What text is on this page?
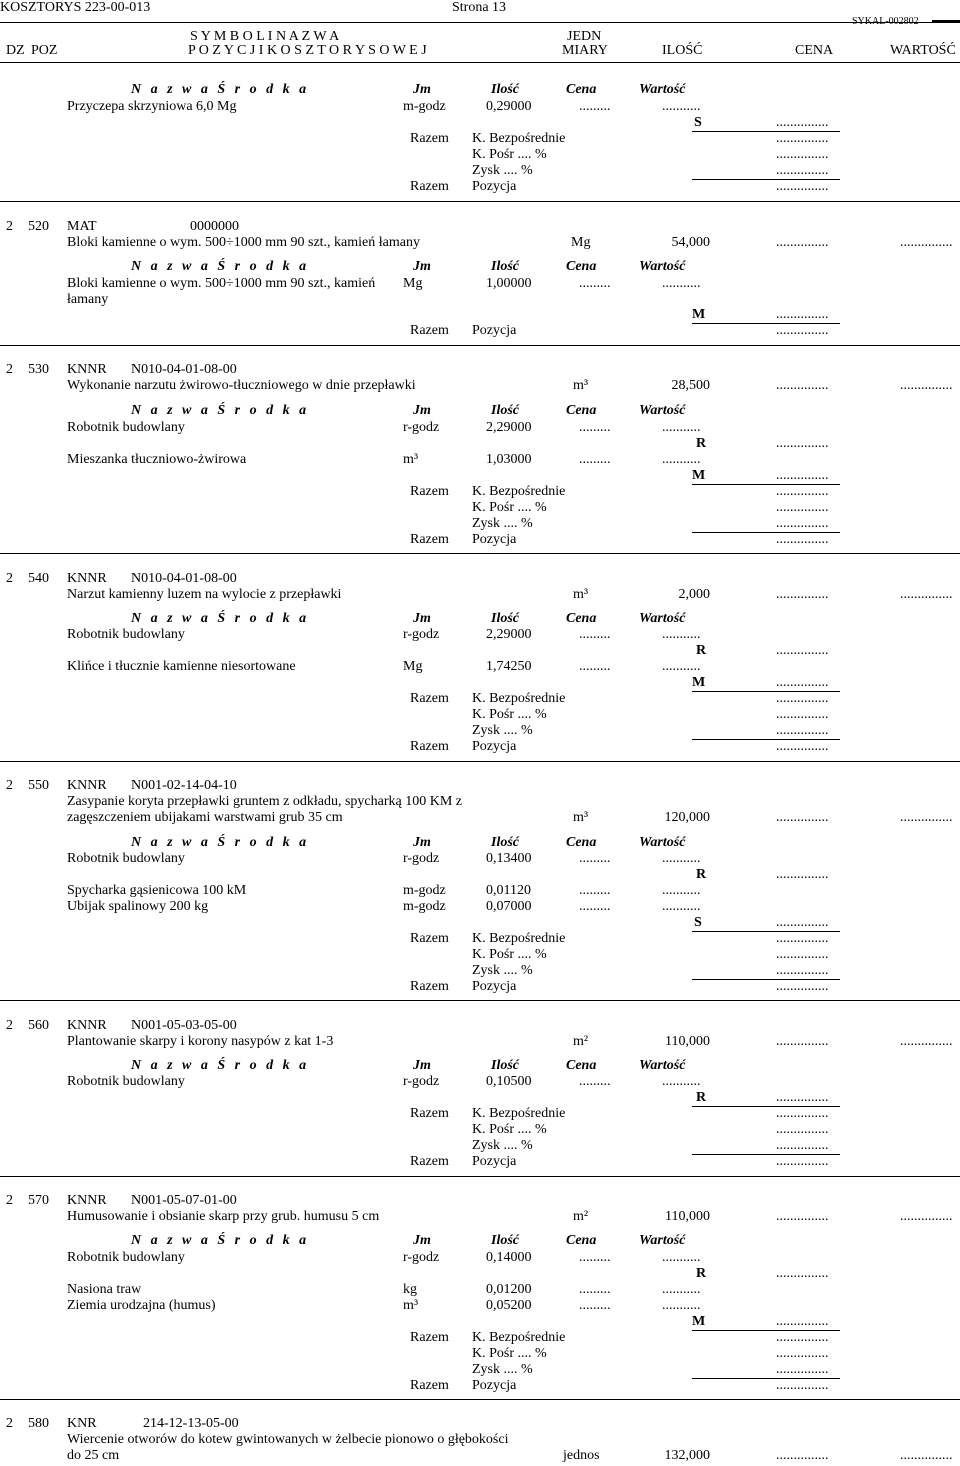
KOSZTORYS 223-00-013	Strona 13
SYKAL-002802
DZ POZ
S Y M B O L I N A Z W A
P O Z Y C J I K O S Z T O R Y S O W E J
JEDN
MIARY	ILOŚĆ	CENA	WARTOŚĆ
N a z w a Ś r o d k a	Jm	Ilość	Cena	Wartość
Przyczepa skrzyniowa 6,0 Mg	m-godz	0,29000	.........	...........
S	...............
Razem K. Bezpośrednie	...............
K. Pośr .... %	...............
Zysk .... %	...............
Razem Pozycja	...............
2 520 MAT	0000000
Bloki kamienne o wym. 500÷1000 mm 90 szt., kamień łamany	Mg	54,000	...............	...............
N a z w a Ś r o d k a	Jm	Ilość	Cena	Wartość
Bloki kamienne o wym. 500÷1000 mm 90 szt., kamień
łamany
Mg	1,00000	.........	...........
M	...............
Razem Pozycja	...............
2 530 KNNR N010-04-01-08-00
Wykonanie narzutu żwirowo-tłuczniowego w dnie przepławki	m³	28,500	...............	...............
N a z w a Ś r o d k a	Jm	Ilość	Cena	Wartość
Robotnik budowlany	r-godz	2,29000	.........	...........
R	...............
Mieszanka tłuczniowo-żwirowa	m³	1,03000	.........	...........
M	...............
Razem K. Bezpośrednie	...............
K. Pośr .... %	...............
Zysk .... %	...............
Razem Pozycja	...............
2 540 KNNR N010-04-01-08-00
Narzut kamienny luzem na wylocie z przepławki	m³	2,000	...............	...............
N a z w a Ś r o d k a	Jm	Ilość	Cena	Wartość
Robotnik budowlany	r-godz	2,29000	.........	...........
R	...............
Klińce i tłucznie kamienne niesortowane	Mg	1,74250	.........	...........
M	...............
Razem K. Bezpośrednie	...............
K. Pośr .... %	...............
Zysk .... %	...............
Razem Pozycja	...............
2 550 KNNR N001-02-14-04-10
Zasypanie koryta przepławki gruntem z odkładu, spycharką 100 KM z
zagęszczeniem ubijakami warstwami grub 35 cm	m³	120,000	...............	...............
N a z w a Ś r o d k a	Jm	Ilość	Cena	Wartość
Robotnik budowlany	r-godz	0,13400	.........	...........
R	...............
Spycharka gąsienicowa 100 kM	m-godz	0,01120	.........	...........
Ubijak spalinowy 200 kg	m-godz	0,07000	.........	...........
S	...............
Razem K. Bezpośrednie	...............
K. Pośr .... %	...............
Zysk .... %	...............
Razem Pozycja	...............
2 560 KNNR N001-05-03-05-00
Plantowanie skarpy i korony nasypów z kat 1-3	m²	110,000	...............	...............
N a z w a Ś r o d k a	Jm	Ilość	Cena	Wartość
Robotnik budowlany	r-godz	0,10500	.........	...........
R	...............
Razem K. Bezpośrednie	...............
K. Pośr .... %	...............
Zysk .... %	...............
Razem Pozycja	...............
2 570 KNNR N001-05-07-01-00
Humusowanie i obsianie skarp przy grub. humusu 5 cm	m²	110,000	...............	...............
N a z w a Ś r o d k a	Jm	Ilość	Cena	Wartość
Robotnik budowlany	r-godz	0,14000	.........	...........
R	...............
Nasiona traw	kg	0,01200	.........	...........
Ziemia urodzajna (humus)	m³	0,05200	.........	...........
M	...............
Razem K. Bezpośrednie	...............
K. Pośr .... %	...............
Zysk .... %	...............
Razem Pozycja	...............
2 580 KNR	214-12-13-05-00
Wiercenie otworów do kotew gwintowanych w żelbecie pionowo o głębokości
do 25 cm	jednos	132,000	...............	...............
